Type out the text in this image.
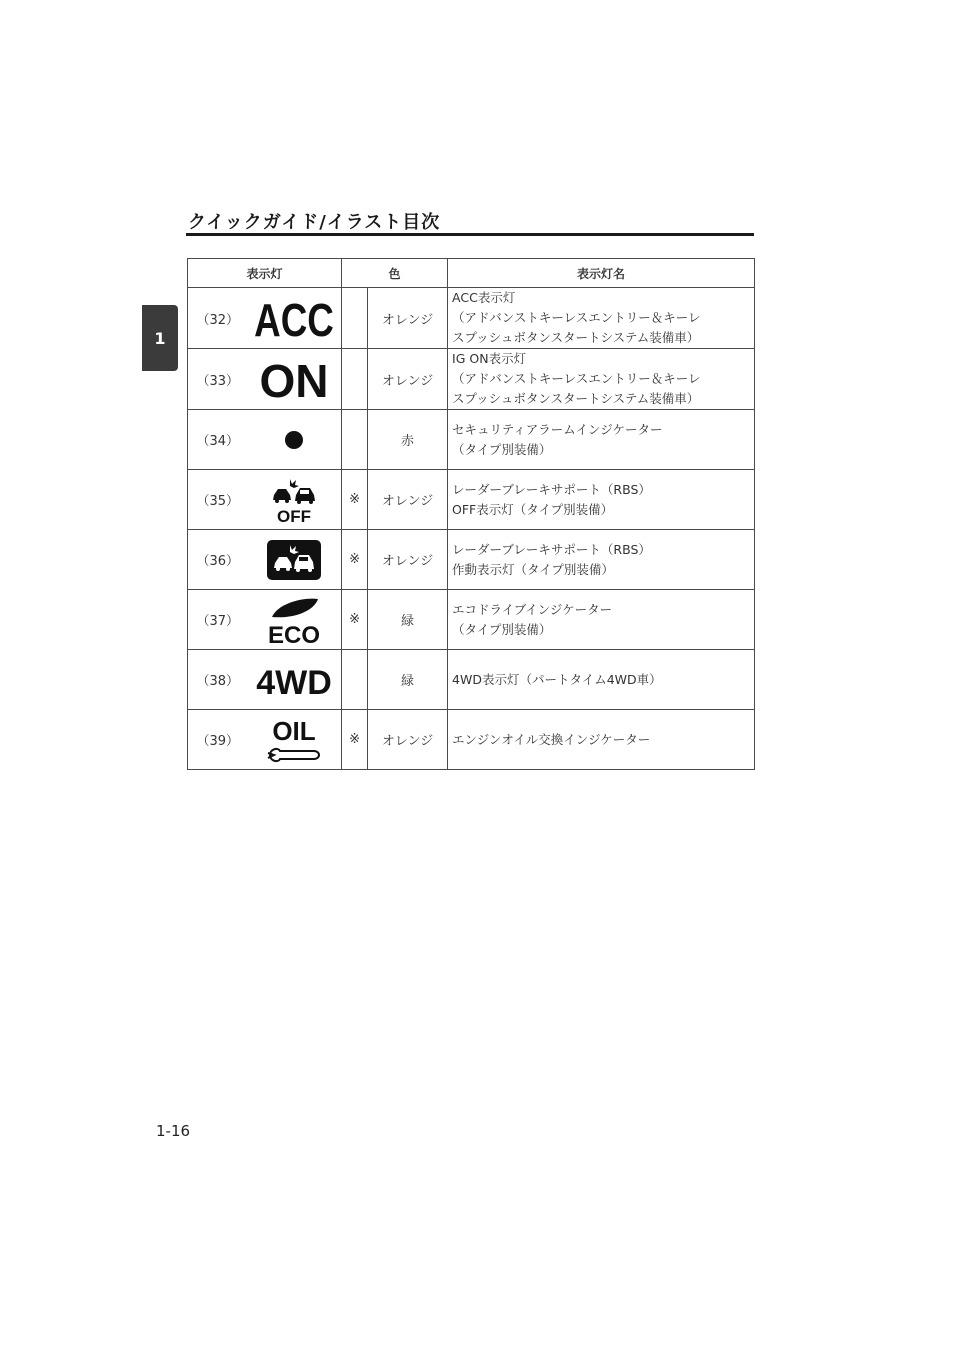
クイックガイド/イラスト目次
1
表示灯		色		表示灯名
（32）	ACC		オレンジ	ACC表示灯
（アドバンストキーレスエントリー＆キーレ
スプッシュボタンスタートシステム装備車）

（33）	ON		オレンジ	IG ON表示灯
（アドバンストキーレスエントリー＆キーレ
スプッシュボタンスタートシステム装備車）

（34）			赤	セキュリティアラームインジケーター
（タイプ別装備）

（35）	OFF	※	オレンジ	レーダーブレーキサポート（RBS）
OFF表示灯（タイプ別装備）

（36）		※	オレンジ	レーダーブレーキサポート（RBS）
作動表示灯（タイプ別装備）

（37）	ECO	※	緑	エコドライブインジケーター
（タイプ別装備）

（38）	4WD		緑	4WD表示灯（パートタイム4WD車）

（39）	OIL	※	オレンジ	エンジンオイル交換インジケーター
1-16
